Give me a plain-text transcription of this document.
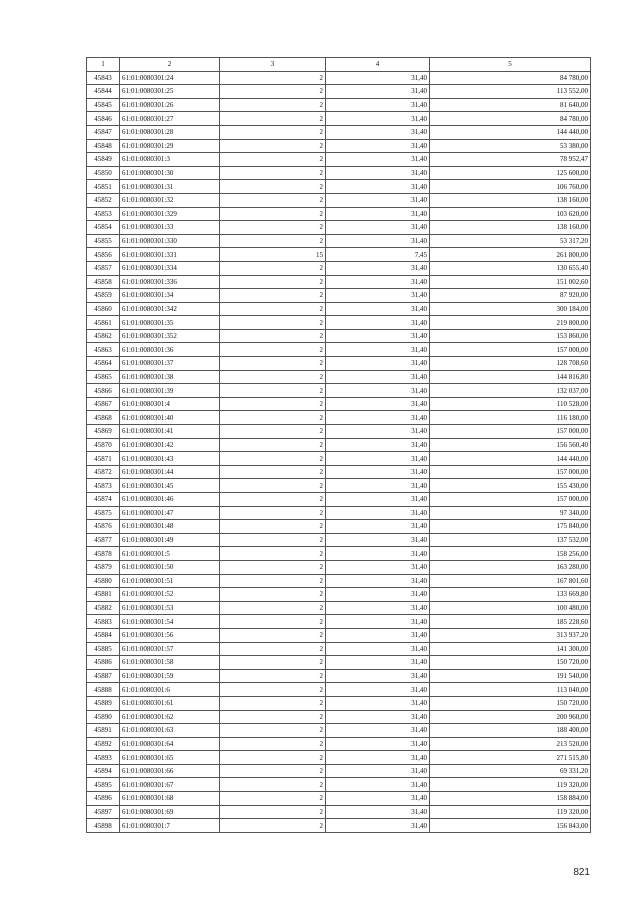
1	2	3	4	5
45843	61:01:0080301:24	2	31,40	84 780,00
45844	61:01:0080301:25	2	31,40	113 552,00
45845	61:01:0080301:26	2	31,40	81 640,00
45846	61:01:0080301:27	2	31,40	84 780,00
45847	61:01:0080301:28	2	31,40	144 440,00
45848	61:01:0080301:29	2	31,40	53 380,00
45849	61:01:0080301:3	2	31,40	78 952,47
45850	61:01:0080301:30	2	31,40	125 600,00
45851	61:01:0080301:31	2	31,40	106 760,00
45852	61:01:0080301:32	2	31,40	138 160,00
45853	61:01:0080301:329	2	31,40	103 620,00
45854	61:01:0080301:33	2	31,40	138 160,00
45855	61:01:0080301:330	2	31,40	53 317,20
45856	61:01:0080301:331	15	7,45	261 800,00
45857	61:01:0080301:334	2	31,40	130 655,40
45858	61:01:0080301:336	2	31,40	151 002,60
45859	61:01:0080301:34	2	31,40	87 920,00
45860	61:01:0080301:342	2	31,40	300 184,00
45861	61:01:0080301:35	2	31,40	219 800,00
45862	61:01:0080301:352	2	31,40	153 860,00
45863	61:01:0080301:36	2	31,40	157 000,00
45864	61:01:0080301:37	2	31,40	128 708,60
45865	61:01:0080301:38	2	31,40	144 816,80
45866	61:01:0080301:39	2	31,40	132 037,00
45867	61:01:0080301:4	2	31,40	110 528,00
45868	61:01:0080301:40	2	31,40	116 180,00
45869	61:01:0080301:41	2	31,40	157 000,00
45870	61:01:0080301:42	2	31,40	156 560,40
45871	61:01:0080301:43	2	31,40	144 440,00
45872	61:01:0080301:44	2	31,40	157 000,00
45873	61:01:0080301:45	2	31,40	155 430,00
45874	61:01:0080301:46	2	31,40	157 000,00
45875	61:01:0080301:47	2	31,40	97 340,00
45876	61:01:0080301:48	2	31,40	175 840,00
45877	61:01:0080301:49	2	31,40	137 532,00
45878	61:01:0080301:5	2	31,40	158 256,00
45879	61:01:0080301:50	2	31,40	163 280,00
45880	61:01:0080301:51	2	31,40	167 801,60
45881	61:01:0080301:52	2	31,40	133 669,80
45882	61:01:0080301:53	2	31,40	100 480,00
45883	61:01:0080301:54	2	31,40	185 228,60
45884	61:01:0080301:56	2	31,40	313 937,20
45885	61:01:0080301:57	2	31,40	141 300,00
45886	61:01:0080301:58	2	31,40	150 720,00
45887	61:01:0080301:59	2	31,40	191 540,00
45888	61:01:0080301:6	2	31,40	113 040,00
45889	61:01:0080301:61	2	31,40	150 720,00
45890	61:01:0080301:62	2	31,40	200 960,00
45891	61:01:0080301:63	2	31,40	188 400,00
45892	61:01:0080301:64	2	31,40	213 520,00
45893	61:01:0080301:65	2	31,40	271 515,80
45894	61:01:0080301:66	2	31,40	69 331,20
45895	61:01:0080301:67	2	31,40	119 320,00
45896	61:01:0080301:68	2	31,40	158 884,00
45897	61:01:0080301:69	2	31,40	119 320,00
45898	61:01:0080301:7	2	31,40	156 843,00
821
